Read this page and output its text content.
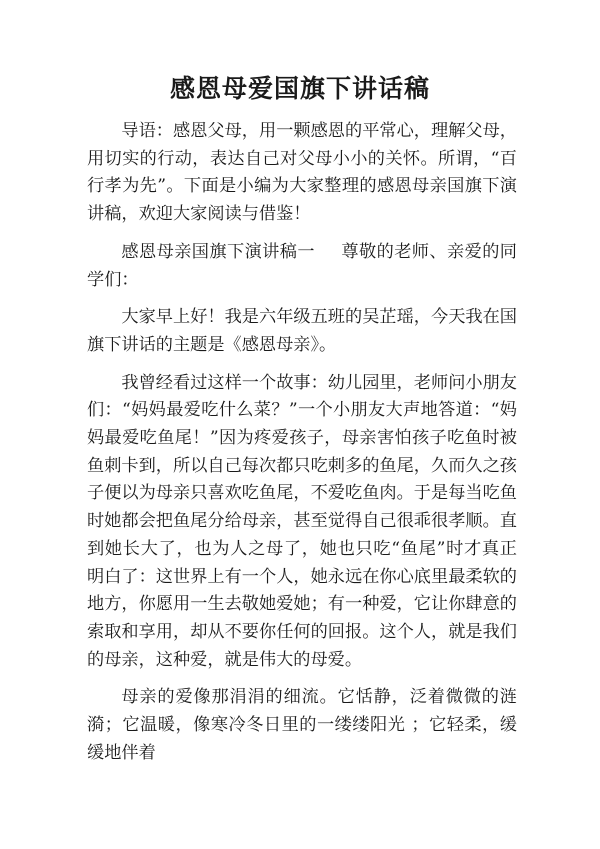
感恩母爱国旗下讲话稿

导语：感恩父母，用一颗感恩的平常心，理解父母，用切实的行动，表达自己对父母小小的关怀。所谓，“百行孝为先”。下面是小编为大家整理的感恩母亲国旗下演讲稿，欢迎大家阅读与借鉴！

感恩母亲国旗下演讲稿一 尊敬的老师、亲爱的同学们：

大家早上好！我是六年级五班的吴芷瑶，今天我在国旗下讲话的主题是《感恩母亲》。

我曾经看过这样一个故事：幼儿园里，老师问小朋友们：“妈妈最爱吃什么菜？”一个小朋友大声地答道：“妈妈最爱吃鱼尾！”因为疼爱孩子，母亲害怕孩子吃鱼时被鱼刺卡到，所以自己每次都只吃刺多的鱼尾，久而久之孩子便以为母亲只喜欢吃鱼尾，不爱吃鱼肉。于是每当吃鱼时她都会把鱼尾分给母亲，甚至觉得自己很乖很孝顺。直到她长大了，也为人之母了，她也只吃“鱼尾”时才真正明白了：这世界上有一个人，她永远在你心底里最柔软的地方，你愿用一生去敬她爱她；有一种爱，它让你肆意的索取和享用，却从不要你任何的回报。这个人，就是我们的母亲，这种爱，就是伟大的母爱。

母亲的爱像那涓涓的细流。它恬静，泛着微微的涟漪；它温暖，像寒冷冬日里的一缕缕阳光 ；它轻柔，缓缓地伴着
